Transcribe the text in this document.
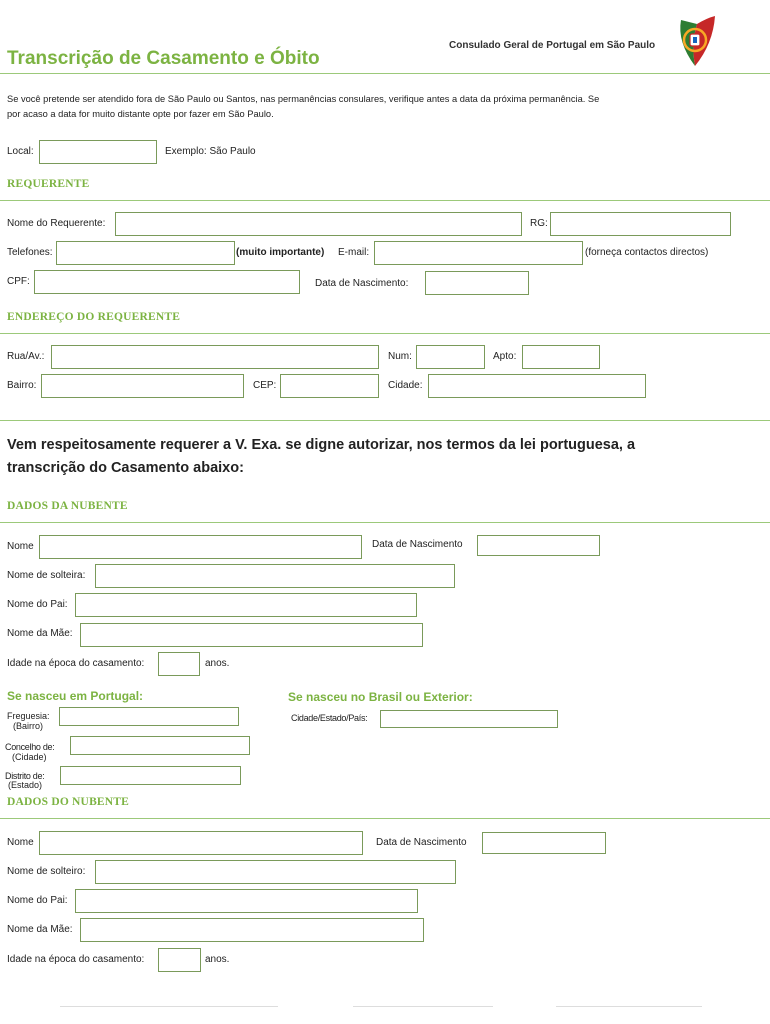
Transcrição de Casamento e Óbito
Consulado Geral de Portugal em São Paulo
Se você pretende ser atendido fora de São Paulo ou Santos, nas permanências consulares, verifique antes a data da próxima permanência. Se
por acaso a data for muito distante opte por fazer em São Paulo.
Local:	Exemplo: São Paulo
REQUERENTE
Nome do Requerente:	RG:
Telefones:	(muito importante) E-mail:	(forneça contactos directos)
CPF:	Data de Nascimento:
ENDEREÇO DO REQUERENTE
Rua/Av.:	Num:	Apto:
Bairro:	CEP:	Cidade:
Vem respeitosamente requerer a V. Exa. se digne autorizar, nos termos da lei portuguesa, a
transcrição do Casamento abaixo:
DADOS DA NUBENTE
Nome	Data de Nascimento
Nome de solteira:
Nome do Pai:
Nome da Mãe:
Idade na época do casamento:	anos.
Se nasceu em Portugal:	Se nasceu no Brasil ou Exterior:
Freguesia:
(Bairro)
Cidade/Estado/País:
Concelho de:
(Cidade)
Distrito de:
(Estado)
DADOS DO NUBENTE
Nome	Data de Nascimento
Nome de solteiro:
Nome do Pai:
Nome da Mãe:
Idade na época do casamento:	anos.
